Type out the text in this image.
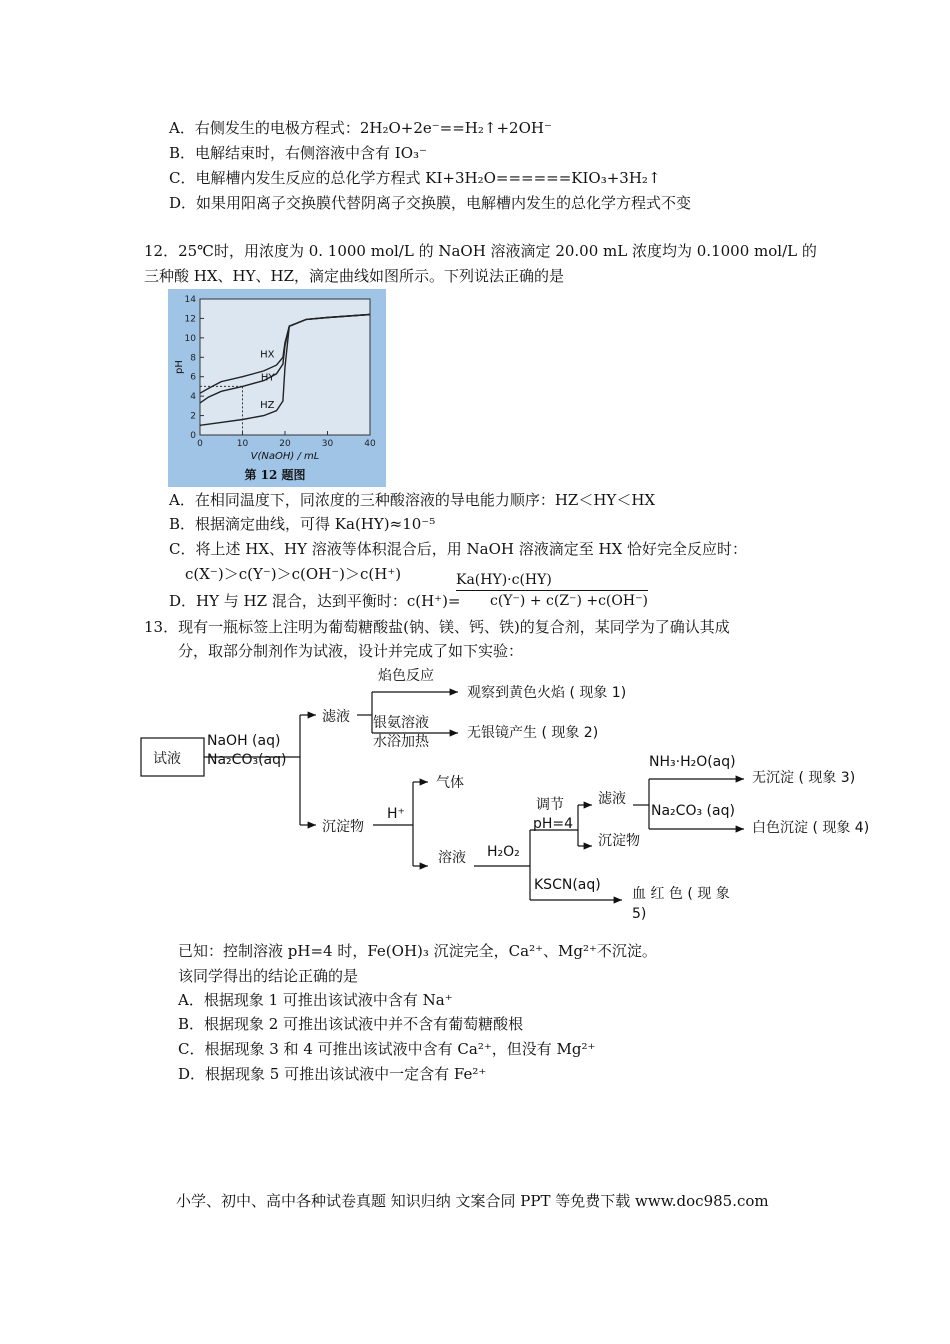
A．右侧发生的电极方程式：2H₂O+2e⁻==H₂↑+2OH⁻
B．电解结束时，右侧溶液中含有 IO₃⁻
C．电解槽内发生反应的总化学方程式 KI+3H₂O======KIO₃+3H₂↑
D．如果用阳离子交换膜代替阴离子交换膜，电解槽内发生的总化学方程式不变
12．25℃时，用浓度为 0. 1000 mol/L 的 NaOH 溶液滴定 20.00 mL 浓度均为 0.1000 mol/L 的
三种酸 HX、HY、HZ，滴定曲线如图所示。下列说法正确的是
0
2
4
6
8
10
12
14
0	10	20	30	40
HX
HY
HZ
pH
V(NaOH) / mL
第 12 题图
A．在相同温度下，同浓度的三种酸溶液的导电能力顺序：HZ＜HY＜HX
B．根据滴定曲线，可得 Ka(HY)≈10⁻⁵
C．将上述 HX、HY 溶液等体积混合后，用 NaOH 溶液滴定至 HX 恰好完全反应时：
c(X⁻)＞c(Y⁻)＞c(OH⁻)＞c(H⁺)	Ka(HY)·c(HY)
D．HY 与 HZ 混合，达到平衡时：c(H⁺)= c(Y⁻) + c(Z⁻) +c(OH⁻)
13．现有一瓶标签上注明为葡萄糖酸盐(钠、镁、钙、铁)的复合剂，某同学为了确认其成
分，取部分制剂作为试液，设计并完成了如下实验：
试液
NaOH (aq)
Na₂CO₃(aq)
滤液
焰色反应
观察到黄色火焰 ( 现象 1)
银氨溶液
水浴加热
无银镜产生 ( 现象 2)
沉淀物
H⁺
气体
溶液 H₂O₂
调节
pH=4
滤液
沉淀物
NH₃·H₂O(aq)
无沉淀 ( 现象 3)
Na₂CO₃ (aq)
白色沉淀 ( 现象 4)
KSCN(aq)
血 红 色 ( 现 象
5)
已知：控制溶液 pH=4 时，Fe(OH)₃ 沉淀完全，Ca²⁺、Mg²⁺不沉淀。
该同学得出的结论正确的是
A．根据现象 1 可推出该试液中含有 Na⁺
B．根据现象 2 可推出该试液中并不含有葡萄糖酸根
C．根据现象 3 和 4 可推出该试液中含有 Ca²⁺，但没有 Mg²⁺
D．根据现象 5 可推出该试液中一定含有 Fe²⁺
小学、初中、高中各种试卷真题 知识归纳 文案合同 PPT 等免费下载 www.doc985.com
